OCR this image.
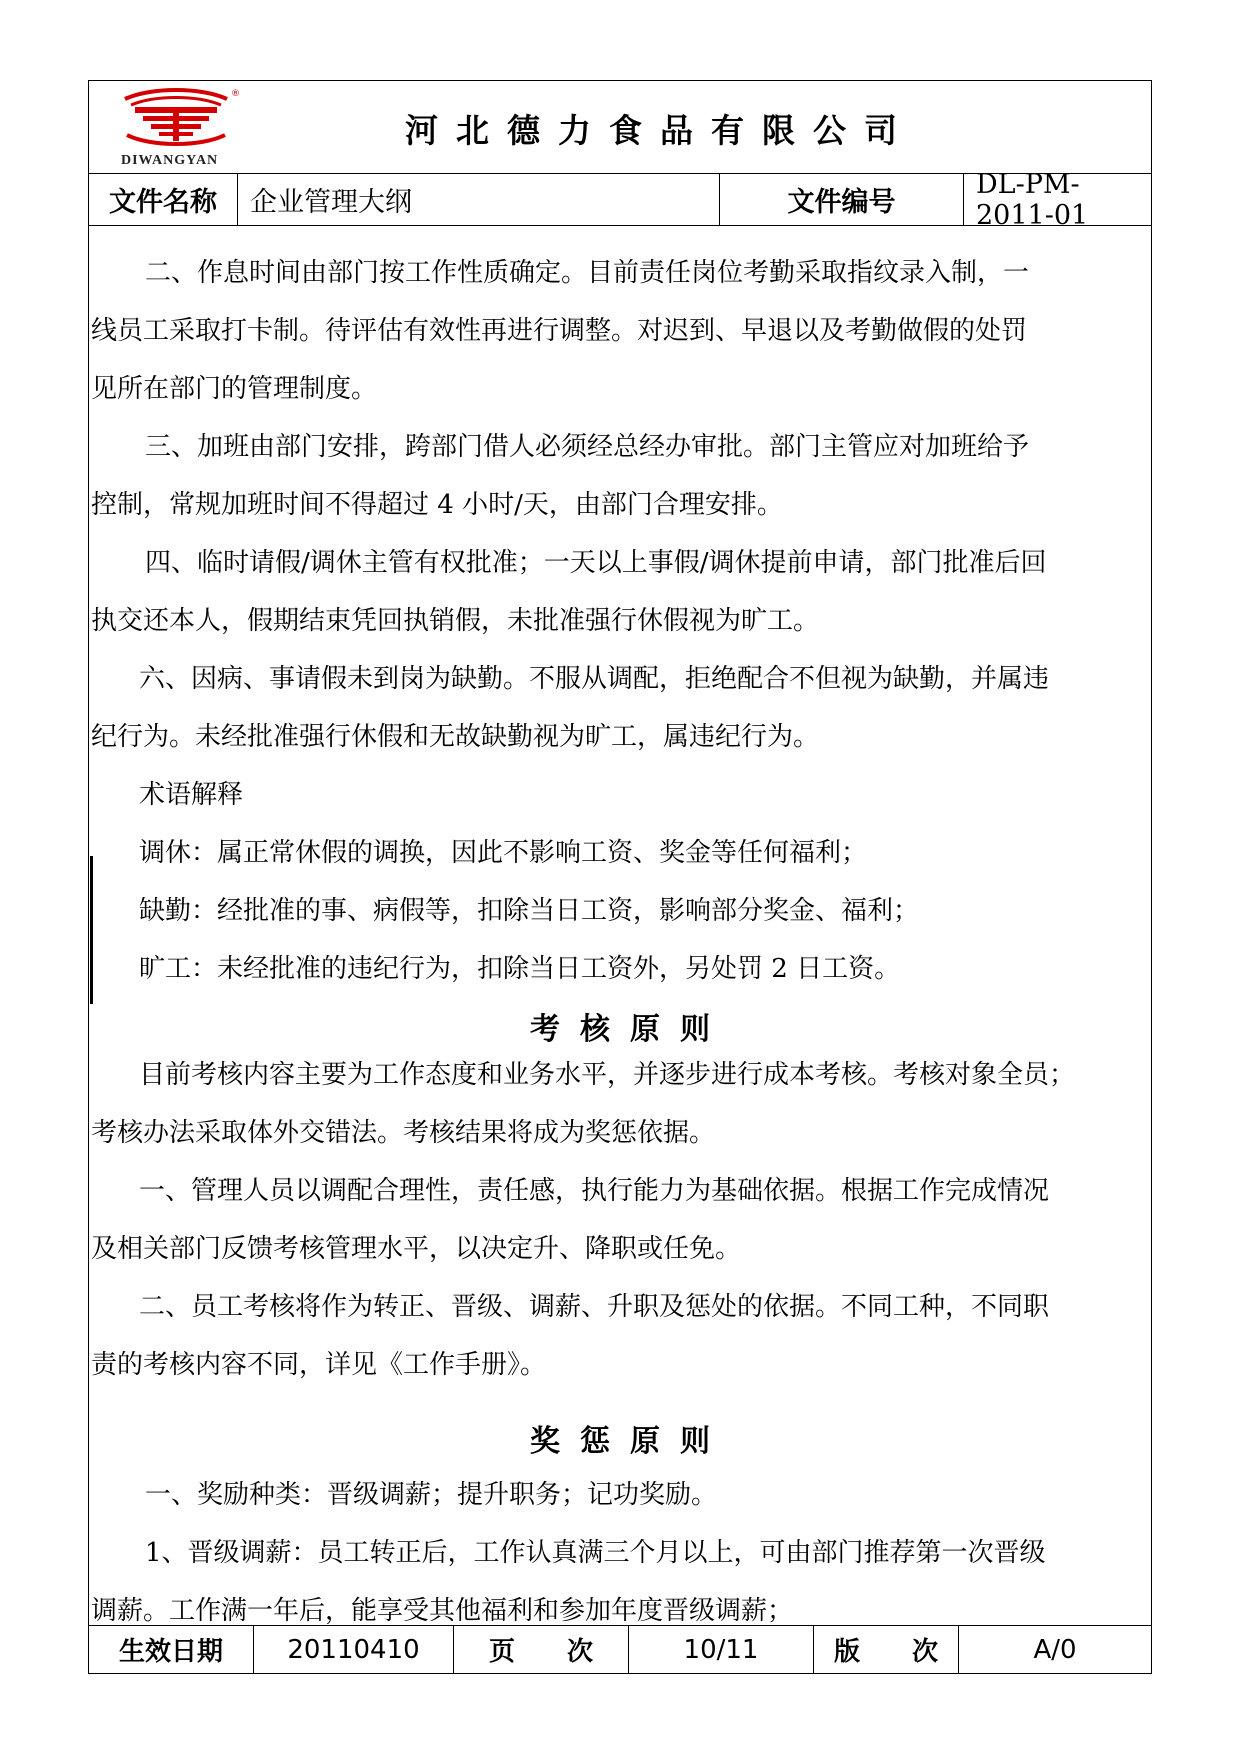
®
DIWANGYAN
河北德力食品有限公司
文件名称	企业管理大纲	文件编号
DL-PM-2011-01
　二、作息时间由部门按工作性质确定。目前责任岗位考勤采取指纹录入制，一
线员工采取打卡制。待评估有效性再进行调整。对迟到、早退以及考勤做假的处罚
见所在部门的管理制度。
　三、加班由部门安排，跨部门借人必须经总经办审批。部门主管应对加班给予
控制，常规加班时间不得超过 4 小时/天，由部门合理安排。
　四、临时请假/调休主管有权批准；一天以上事假/调休提前申请，部门批准后回
执交还本人，假期结束凭回执销假，未批准强行休假视为旷工。
六、因病、事请假未到岗为缺勤。不服从调配，拒绝配合不但视为缺勤，并属违
纪行为。未经批准强行休假和无故缺勤视为旷工，属违纪行为。
术语解释
调休：属正常休假的调换，因此不影响工资、奖金等任何福利；
缺勤：经批准的事、病假等，扣除当日工资，影响部分奖金、福利；
旷工：未经批准的违纪行为，扣除当日工资外，另处罚 2 日工资。
考核原则
目前考核内容主要为工作态度和业务水平，并逐步进行成本考核。考核对象全员；
考核办法采取体外交错法。考核结果将成为奖惩依据。
一、管理人员以调配合理性，责任感，执行能力为基础依据。根据工作完成情况
及相关部门反馈考核管理水平，以决定升、降职或任免。
二、员工考核将作为转正、晋级、调薪、升职及惩处的依据。不同工种，不同职
责的考核内容不同，详见《工作手册》。
奖惩原则
　一、奖励种类：晋级调薪；提升职务；记功奖励。
　1、晋级调薪：员工转正后，工作认真满三个月以上，可由部门推荐第一次晋级
调薪。工作满一年后，能享受其他福利和参加年度晋级调薪；
生效日期	20110410	页　　次	10/11	版　　次	A/0
